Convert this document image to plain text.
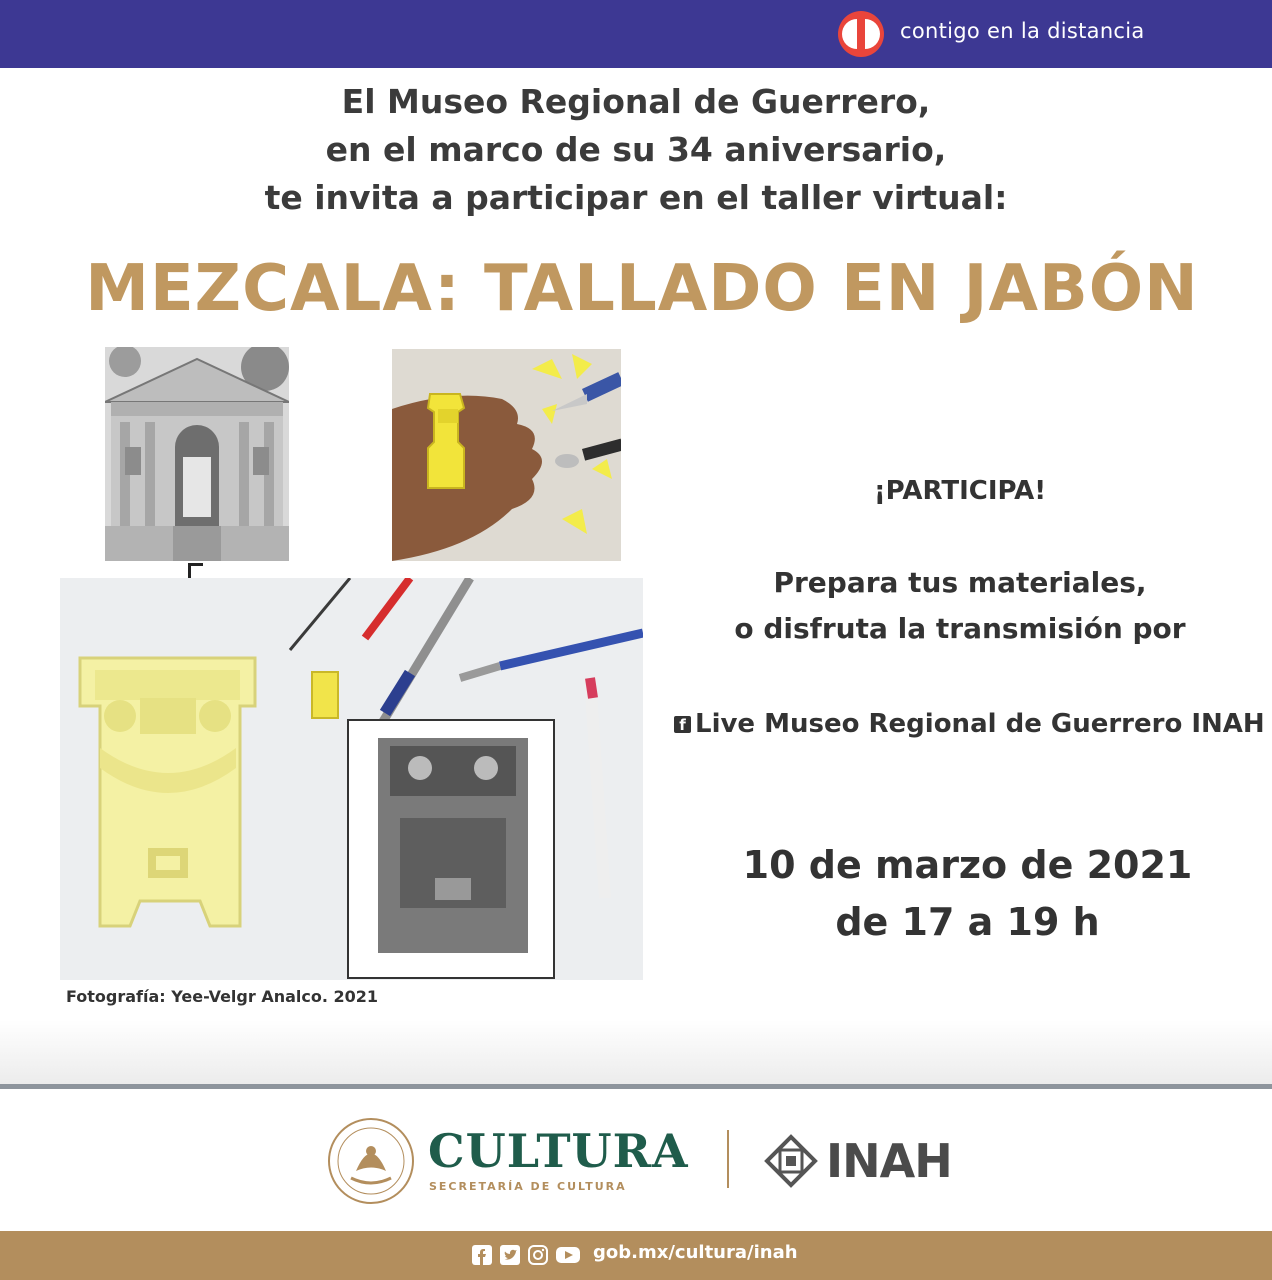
contigo en la distancia
El Museo Regional de Guerrero,
en el marco de su 34 aniversario,
te invita a participar en el taller virtual:
MEZCALA: TALLADO EN JABÓN
Fotografía: Yee-Velgr Analco. 2021
¡PARTICIPA!
Prepara tus materiales,
o disfruta la transmisión por
f Live Museo Regional de Guerrero INAH
10 de marzo de 2021
de 17 a 19 h
CULTURA
SECRETARÍA DE CULTURA	INAH
gob.mx/cultura/inah
